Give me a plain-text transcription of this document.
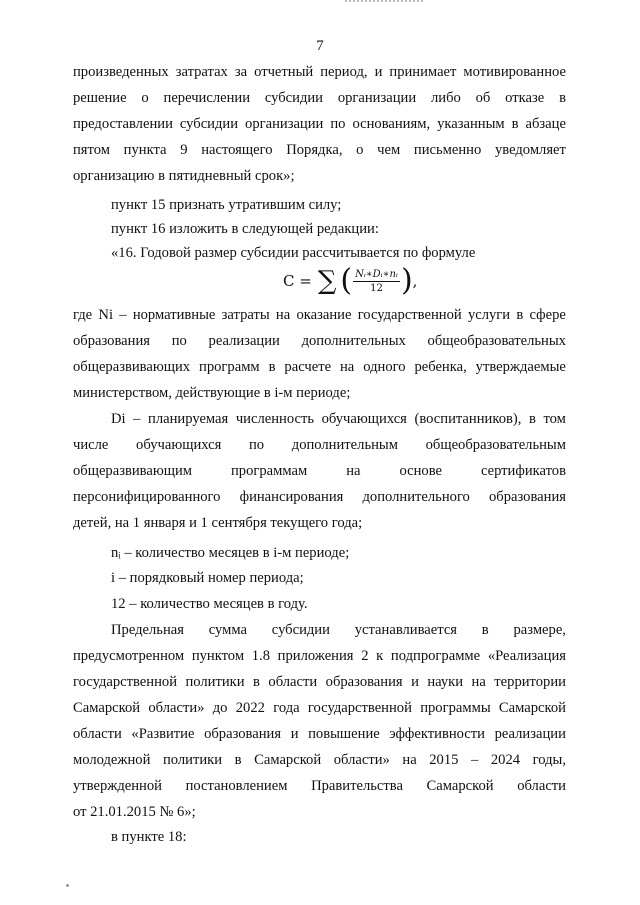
7
произведенных затратах за отчетный период, и принимает мотивированное
решение о перечислении субсидии организации либо об отказе в
предоставлении субсидии организации по основаниям, указанным в абзаце
пятом пункта 9 настоящего Порядка, о чем письменно уведомляет
организацию в пятидневный срок»;
пункт 15 признать утратившим силу;
пункт 16 изложить в следующей редакции:
«16. Годовой размер субсидии рассчитывается по формуле
где Ni – нормативные затраты на оказание государственной услуги в сфере
образования по реализации дополнительных общеобразовательных
общеразвивающих программ в расчете на одного ребенка, утверждаемые
министерством, действующие в i-м периоде;
Di – планируемая численность обучающихся (воспитанников), в том
числе обучающихся по дополнительным общеобразовательным
общеразвивающим	программам	на	основе	сертификатов
персонифицированного финансирования дополнительного образования
детей, на 1 января и 1 сентября текущего года;
nᵢ – количество месяцев в i-м периоде;
i – порядковый номер периода;
12 – количество месяцев в году.
Предельная сумма субсидии устанавливается в размере,
предусмотренном пунктом 1.8 приложения 2 к подпрограмме «Реализация
государственной политики в области образования и науки на территории
Самарской области» до 2022 года государственной программы Самарской
области «Развитие образования и повышение эффективности реализации
молодежной политики в Самарской области» на 2015 – 2024 годы,
утвержденной постановлением Правительства Самарской области
от 21.01.2015 № 6»;
в пункте 18:
C = ∑ ( $\frac{\text{Nᵢ∗Dᵢ∗nᵢ}}{12}$ ) ,
